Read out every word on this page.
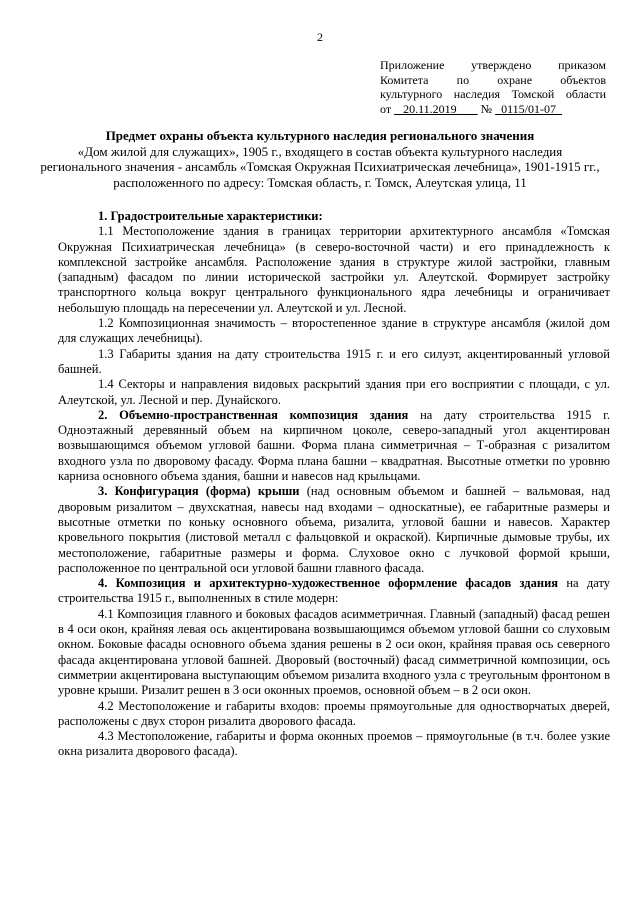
2
Приложение утверждено приказом
Комитета по охране объектов
культурного наследия Томской области
от 20.11.2019 № 0115/01-07
Предмет охраны объекта культурного наследия регионального значения
«Дом жилой для служащих», 1905 г., входящего в состав объекта культурного наследия регионального значения - ансамбль «Томская Окружная Психиатрическая лечебница», 1901-1915 гг., расположенного по адресу: Томская область, г. Томск, Алеутская улица, 11

1. Градостроительные характеристики:

1.1 Местоположение здания в границах территории архитектурного ансамбля «Томская Окружная Психиатрическая лечебница» (в северо-восточной части) и его принадлежность к комплексной застройке ансамбля. Расположение здания в структуре жилой застройки, главным (западным) фасадом по линии исторической застройки ул. Алеутской. Формирует застройку транспортного кольца вокруг центрального функционального ядра лечебницы и ограничивает небольшую площадь на пересечении ул. Алеутской и ул. Лесной.

1.2 Композиционная значимость – второстепенное здание в структуре ансамбля (жилой дом для служащих лечебницы).

1.3 Габариты здания на дату строительства 1915 г. и его силуэт, акцентированный угловой башней.

1.4 Секторы и направления видовых раскрытий здания при его восприятии с площади, с ул. Алеутской, ул. Лесной и пер. Дунайского.

2. Объемно-пространственная композиция здания на дату строительства 1915 г. Одноэтажный деревянный объем на кирпичном цоколе, северо-западный угол акцентирован возвышающимся объемом угловой башни. Форма плана симметричная – Т-образная с ризалитом входного узла по дворовому фасаду. Форма плана башни – квадратная. Высотные отметки по уровню карниза основного объема здания, башни и навесов над крыльцами.

3. Конфигурация (форма) крыши (над основным объемом и башней – вальмовая, над дворовым ризалитом – двухскатная, навесы над входами – односкатные), ее габаритные размеры и высотные отметки по коньку основного объема, ризалита, угловой башни и навесов. Характер кровельного покрытия (листовой металл с фальцовкой и окраской). Кирпичные дымовые трубы, их местоположение, габаритные размеры и форма. Слуховое окно с лучковой формой крыши, расположенное по центральной оси угловой башни главного фасада.

4. Композиция и архитектурно-художественное оформление фасадов здания на дату строительства 1915 г., выполненных в стиле модерн:

4.1 Композиция главного и боковых фасадов асимметричная. Главный (западный) фасад решен в 4 оси окон, крайняя левая ось акцентирована возвышающимся объемом угловой башни со слуховым окном. Боковые фасады основного объема здания решены в 2 оси окон, крайняя правая ось северного фасада акцентирована угловой башней. Дворовый (восточный) фасад симметричной композиции, ось симметрии акцентирована выступающим объемом ризалита входного узла с треугольным фронтоном в уровне крыши. Ризалит решен в 3 оси оконных проемов, основной объем – в 2 оси окон.

4.2 Местоположение и габариты входов: проемы прямоугольные для одностворчатых дверей, расположены с двух сторон ризалита дворового фасада.

4.3 Местоположение, габариты и форма оконных проемов – прямоугольные (в т.ч. более узкие окна ризалита дворового фасада).
